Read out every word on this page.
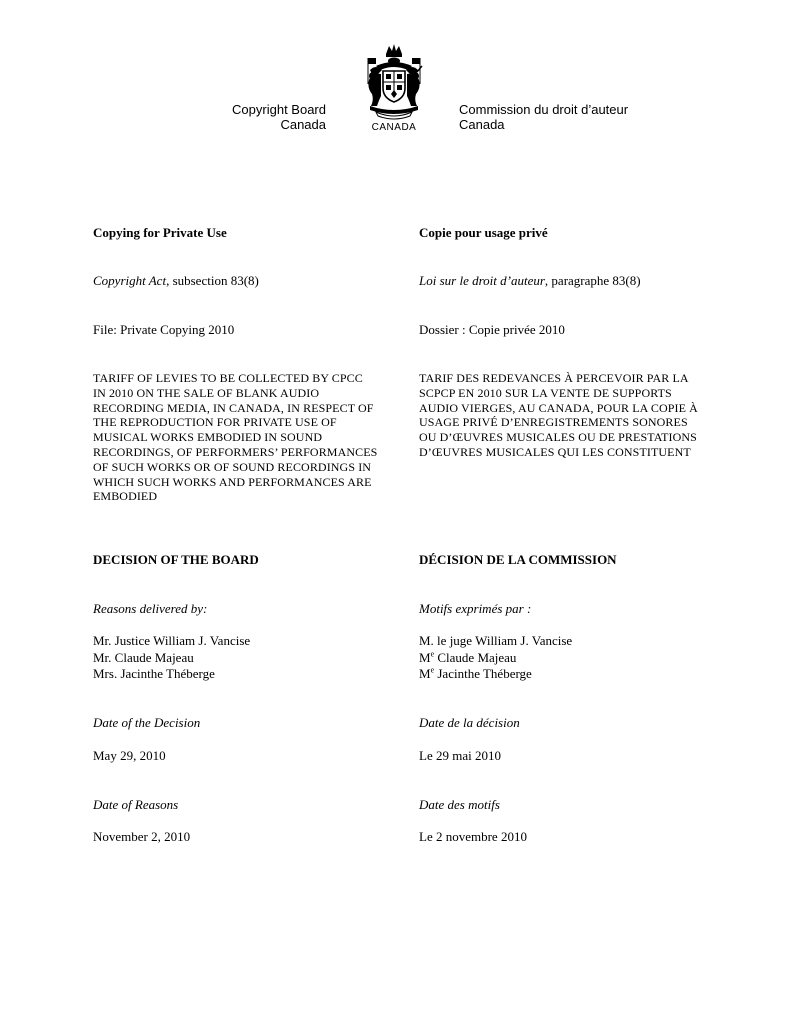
Copyright Board
Canada	CANADA
Commission du droit d’auteur
Canada
Copying for Private Use
Copyright Act, subsection 83(8)
File: Private Copying 2010
TARIFF OF LEVIES TO BE COLLECTED BY CPCC IN 2010 ON THE SALE OF BLANK AUDIO RECORDING MEDIA, IN CANADA, IN RESPECT OF THE REPRODUCTION FOR PRIVATE USE OF MUSICAL WORKS EMBODIED IN SOUND RECORDINGS, OF PERFORMERS’ PERFORMANCES OF SUCH WORKS OR OF SOUND RECORDINGS IN WHICH SUCH WORKS AND PERFORMANCES ARE EMBODIED
DECISION OF THE BOARD
Reasons delivered by:
Mr. Justice William J. Vancise
Mr. Claude Majeau
Mrs. Jacinthe Théberge
Date of the Decision
May 29, 2010
Date of Reasons
November 2, 2010
Copie pour usage privé
Loi sur le droit d’auteur, paragraphe 83(8)
Dossier : Copie privée 2010
TARIF DES REDEVANCES À PERCEVOIR PAR LA SCPCP EN 2010 SUR LA VENTE DE SUPPORTS AUDIO VIERGES, AU CANADA, POUR LA COPIE À USAGE PRIVÉ D’ENREGISTREMENTS SONORES OU D’ŒUVRES MUSICALES OU DE PRESTATIONS D’ŒUVRES MUSICALES QUI LES CONSTITUENT
DÉCISION DE LA COMMISSION
Motifs exprimés par :
M. le juge William J. Vancise
Me Claude Majeau
Me Jacinthe Théberge
Date de la décision
Le 29 mai 2010
Date des motifs
Le 2 novembre 2010
